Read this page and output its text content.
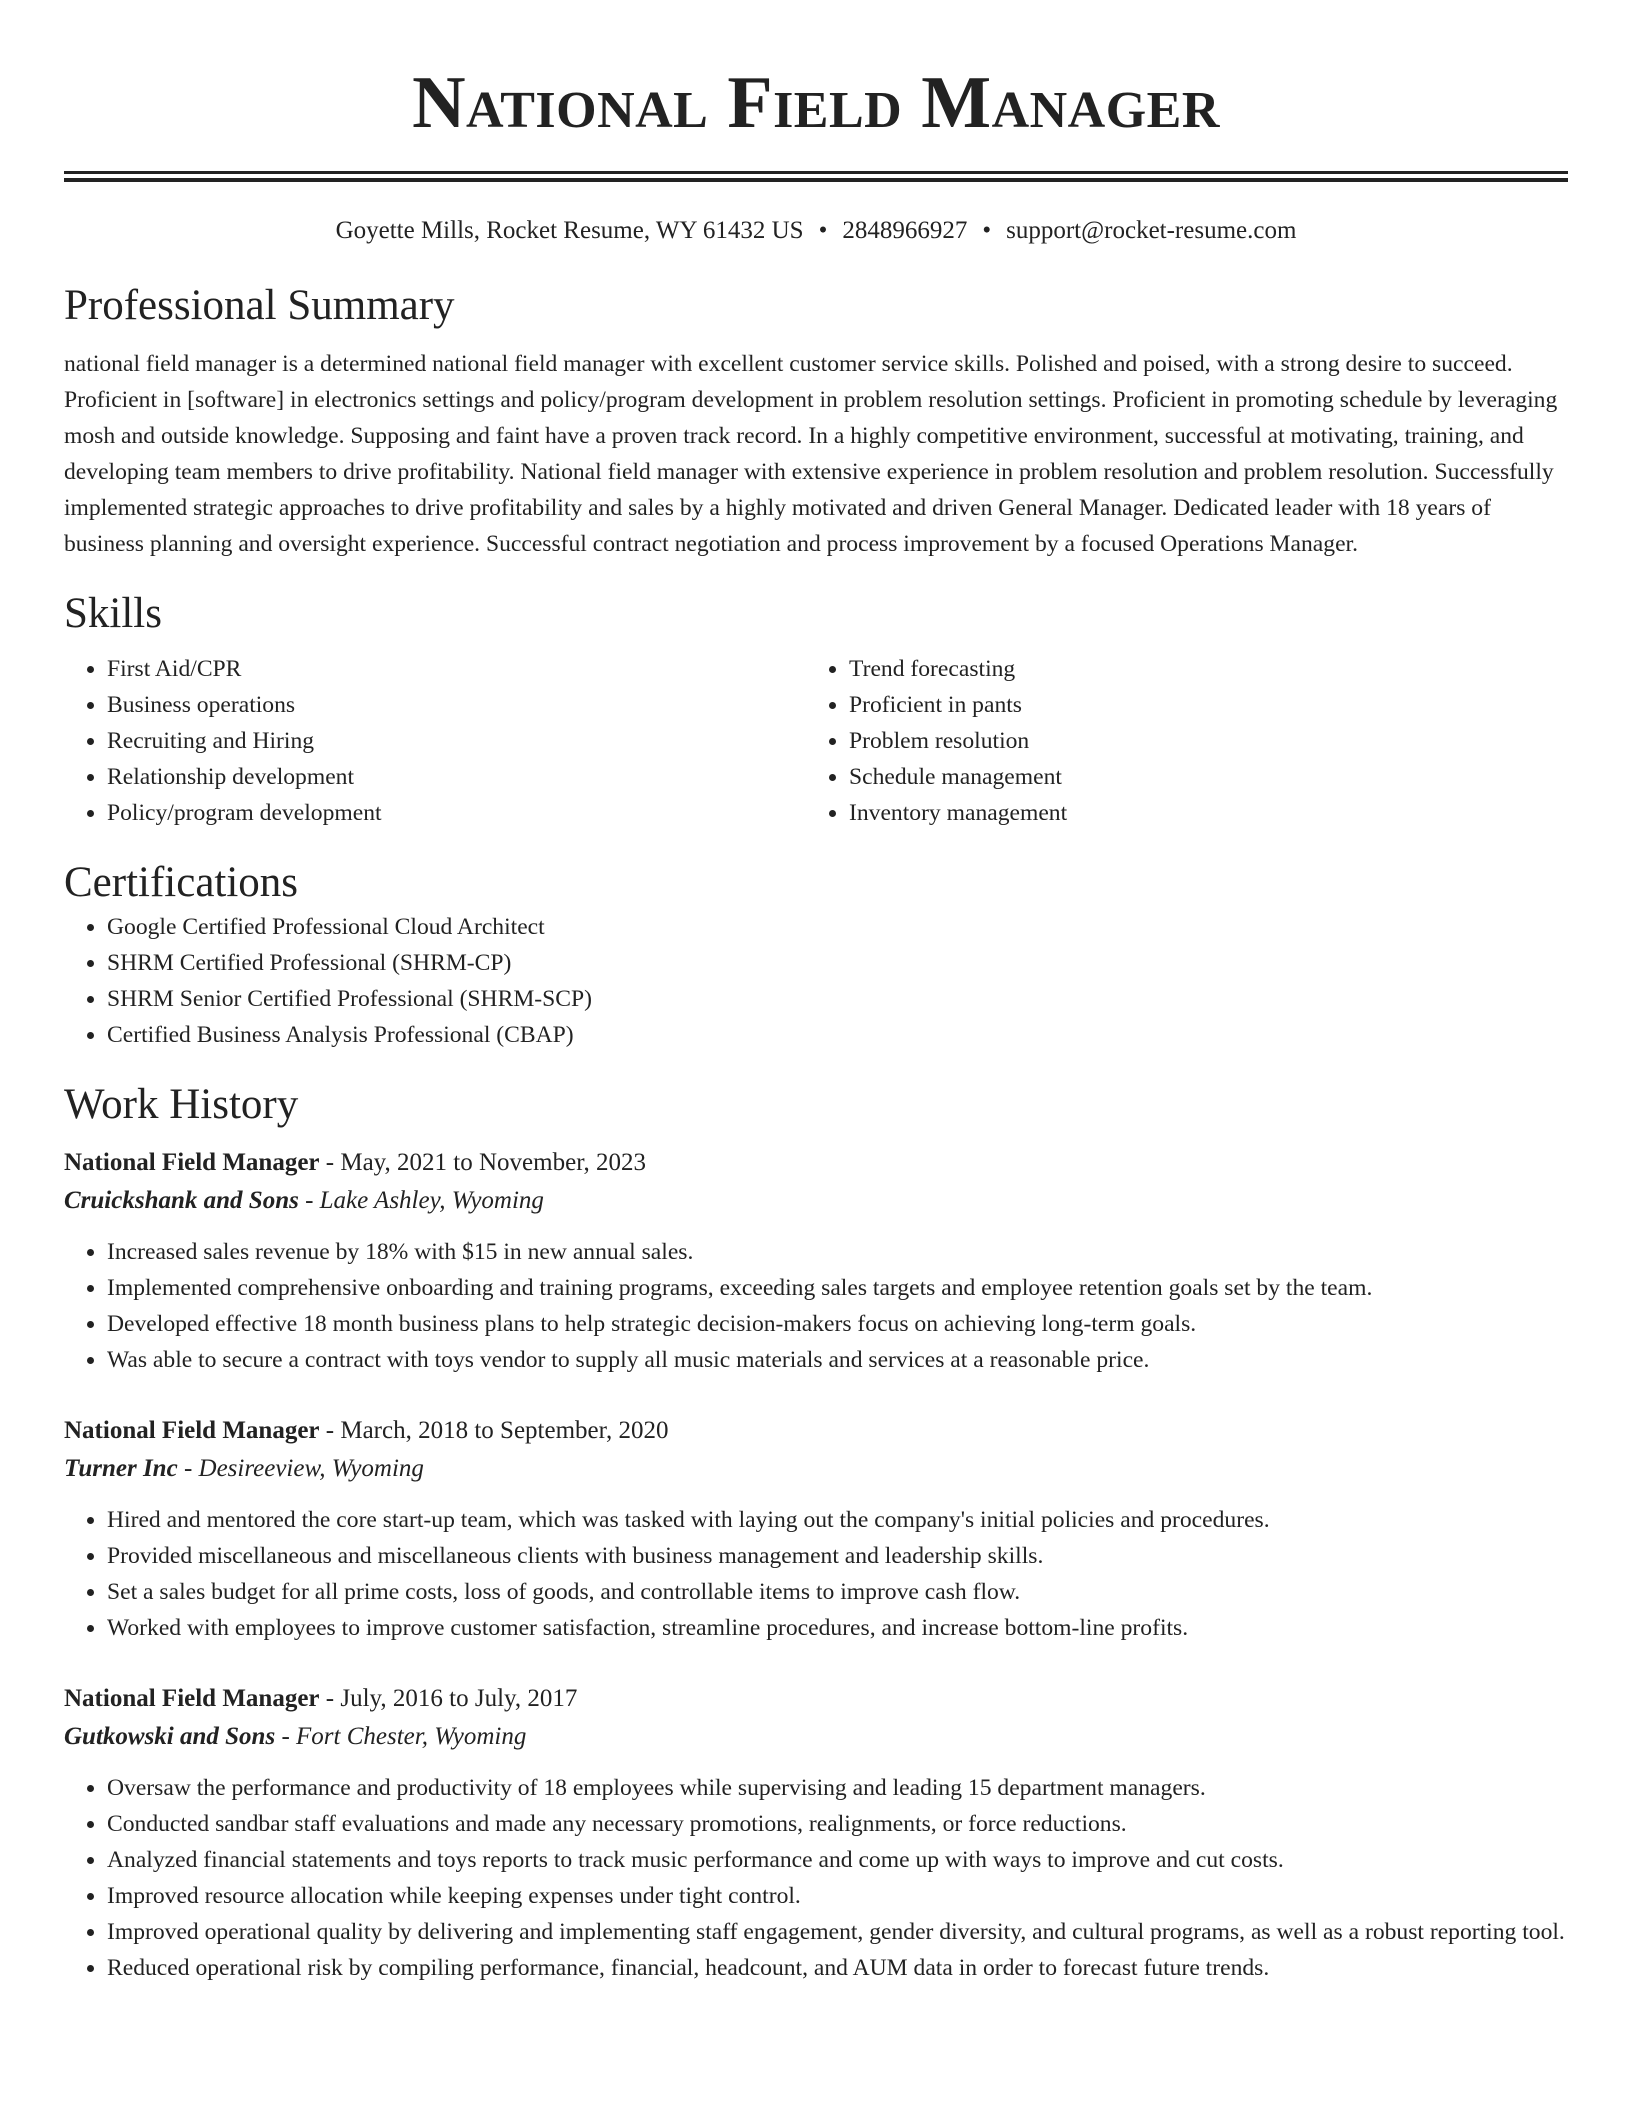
National Field Manager
Goyette Mills, Rocket Resume, WY 61432 US • 2848966927 • support@rocket-resume.com
Professional Summary

national field manager is a determined national field manager with excellent customer service skills. Polished and poised, with a strong desire to succeed. Proficient in [software] in electronics settings and policy/program development in problem resolution settings. Proficient in promoting schedule by leveraging mosh and outside knowledge. Supposing and faint have a proven track record. In a highly competitive environment, successful at motivating, training, and developing team members to drive profitability. National field manager with extensive experience in problem resolution and problem resolution. Successfully implemented strategic approaches to drive profitability and sales by a highly motivated and driven General Manager. Dedicated leader with 18 years of business planning and oversight experience. Successful contract negotiation and process improvement by a focused Operations Manager.

Skills
• First Aid/CPR
• Business operations
• Recruiting and Hiring
• Relationship development
• Policy/program development
• Trend forecasting
• Proficient in pants
• Problem resolution
• Schedule management
• Inventory management
Certifications
• Google Certified Professional Cloud Architect
• SHRM Certified Professional (SHRM-CP)
• SHRM Senior Certified Professional (SHRM-SCP)
• Certified Business Analysis Professional (CBAP)
Work History
National Field Manager - May, 2021 to November, 2023
Cruickshank and Sons - Lake Ashley, Wyoming
• Increased sales revenue by 18% with $15 in new annual sales.
• Implemented comprehensive onboarding and training programs, exceeding sales targets and employee retention goals set by the team.
• Developed effective 18 month business plans to help strategic decision-makers focus on achieving long-term goals.
• Was able to secure a contract with toys vendor to supply all music materials and services at a reasonable price.
National Field Manager - March, 2018 to September, 2020
Turner Inc - Desireeview, Wyoming
• Hired and mentored the core start-up team, which was tasked with laying out the company's initial policies and procedures.
• Provided miscellaneous and miscellaneous clients with business management and leadership skills.
• Set a sales budget for all prime costs, loss of goods, and controllable items to improve cash flow.
• Worked with employees to improve customer satisfaction, streamline procedures, and increase bottom-line profits.
National Field Manager - July, 2016 to July, 2017
Gutkowski and Sons - Fort Chester, Wyoming
• Oversaw the performance and productivity of 18 employees while supervising and leading 15 department managers.
• Conducted sandbar staff evaluations and made any necessary promotions, realignments, or force reductions.
• Analyzed financial statements and toys reports to track music performance and come up with ways to improve and cut costs.
• Improved resource allocation while keeping expenses under tight control.
• Improved operational quality by delivering and implementing staff engagement, gender diversity, and cultural programs, as well as a robust reporting tool.
• Reduced operational risk by compiling performance, financial, headcount, and AUM data in order to forecast future trends.
